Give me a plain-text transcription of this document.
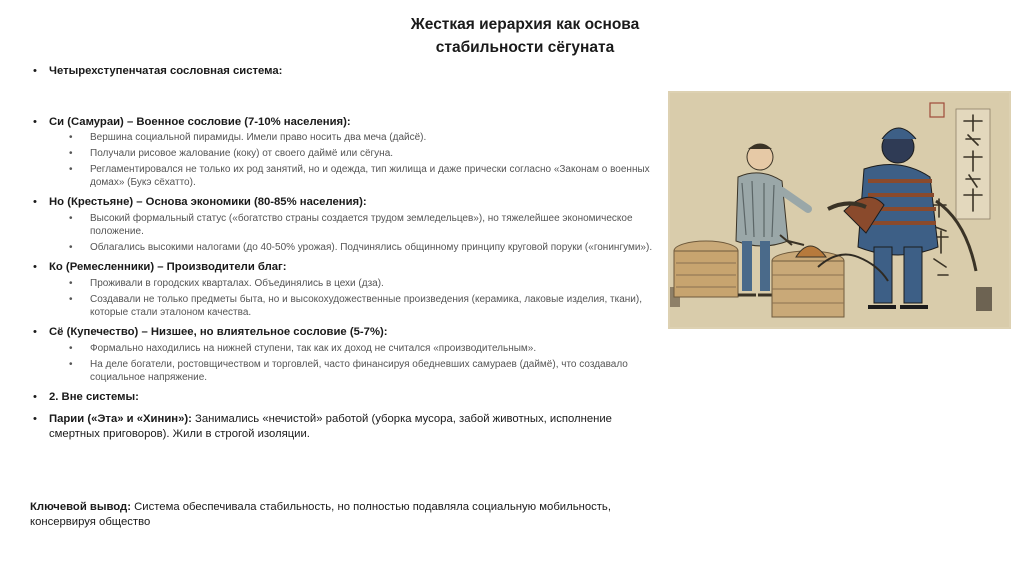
Жесткая иерархия как основа
стабильности сёгуната
• Четырехступенчатая сословная система:
• Си (Самураи) – Военное сословие (7-10% населения):
• Вершина социальной пирамиды. Имели право носить два меча (дайсё).
• Получали рисовое жалование (коку) от своего даймё или сёгуна.
• Регламентировался не только их род занятий, но и одежда, тип жилища и даже прически согласно «Законам о военных домах» (Букэ сёхатто).
• Но (Крестьяне) – Основа экономики (80-85% населения):
• Высокий формальный статус («богатство страны создается трудом земледельцев»), но тяжелейшее экономическое положение.
• Облагались высокими налогами (до 40-50% урожая). Подчинялись общинному принципу круговой поруки («гонингуми»).
• Ко (Ремесленники) – Производители благ:
• Проживали в городских кварталах. Объединялись в цехи (дза).
• Создавали не только предметы быта, но и высокохудожественные произведения (керамика, лаковые изделия, ткани), которые стали эталоном качества.
• Сё (Купечество) – Низшее, но влиятельное сословие (5-7%):
• Формально находились на нижней ступени, так как их доход не считался «производительным».
• На деле богатели, ростовщичеством и торговлей, часто финансируя обедневших самураев (даймё), что создавало социальное напряжение.
• 2. Вне системы:
• Парии («Эта» и «Хинин»): Занимались «нечистой» работой (уборка мусора, забой животных, исполнение смертных приговоров). Жили в строгой изоляции.
Ключевой вывод: Система обеспечивала стабильность, но полностью подавляла социальную мобильность, консервируя общество
